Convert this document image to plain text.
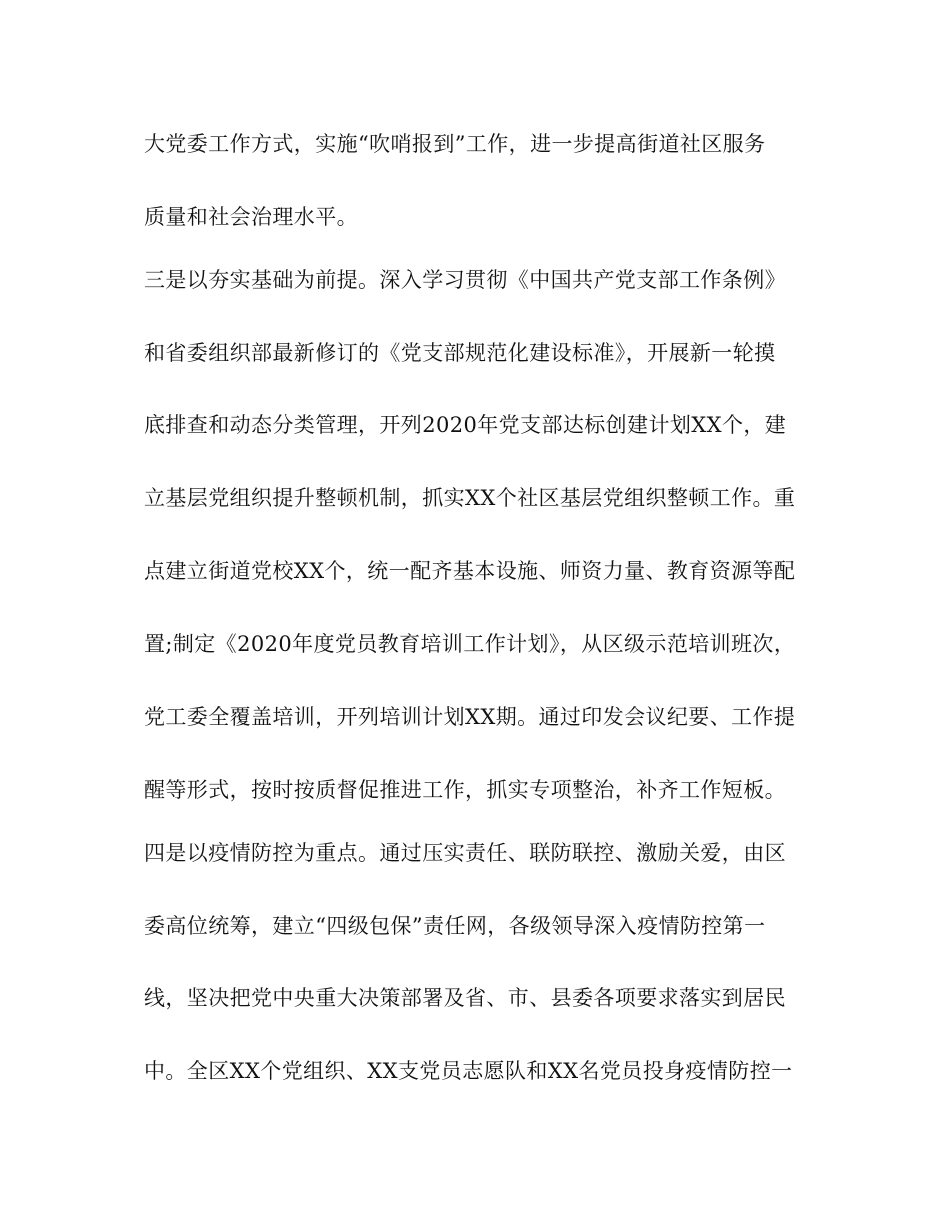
大党委工作方式，实施“吹哨报到”工作，进一步提高街道社区服务
质量和社会治理水平。
三是以夯实基础为前提。深入学习贯彻《中国共产党支部工作条例》
和省委组织部最新修订的《党支部规范化建设标准》，开展新一轮摸
底排查和动态分类管理，开列2020年党支部达标创建计划XX个，建
立基层党组织提升整顿机制，抓实XX个社区基层党组织整顿工作。重
点建立街道党校XX个，统一配齐基本设施、师资力量、教育资源等配
置;制定《2020年度党员教育培训工作计划》，从区级示范培训班次，
党工委全覆盖培训，开列培训计划XX期。通过印发会议纪要、工作提
醒等形式，按时按质督促推进工作，抓实专项整治，补齐工作短板。
四是以疫情防控为重点。通过压实责任、联防联控、激励关爱，由区
委高位统筹，建立“四级包保”责任网，各级领导深入疫情防控第一
线，坚决把党中央重大决策部署及省、市、县委各项要求落实到居民
中。全区XX个党组织、XX支党员志愿队和XX名党员投身疫情防控一
